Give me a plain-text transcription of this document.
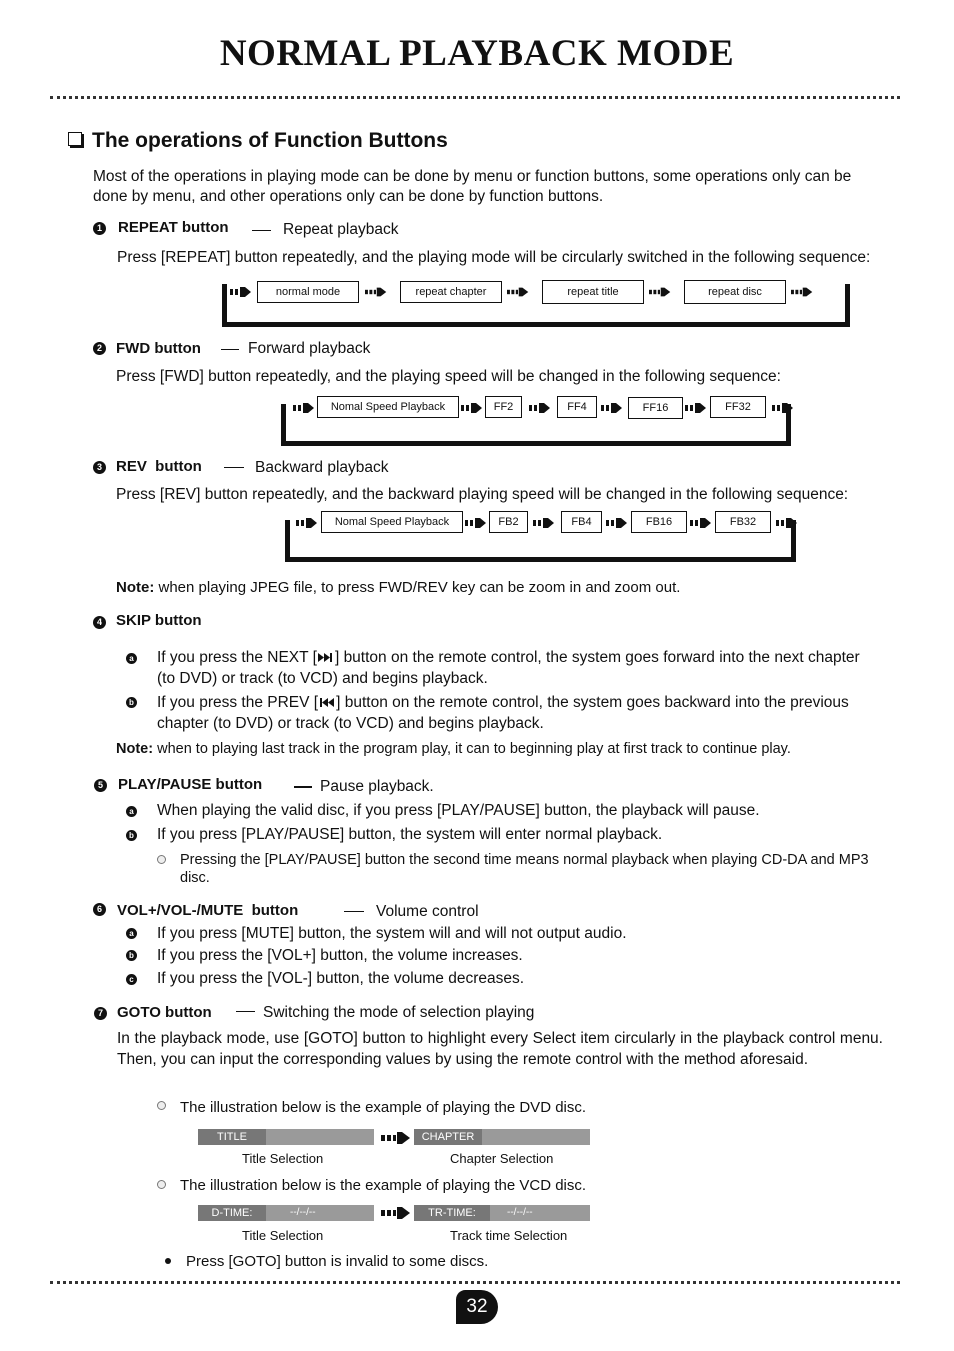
NORMAL PLAYBACK MODE
The operations of Function Buttons
Most of the operations in playing mode can be done by menu or function buttons, some operations only can be done by menu, and other operations only can be done by function buttons.
1 REPEAT button	Repeat playback
Press [REPEAT] button repeatedly, and the playing mode will be circularly switched in the following sequence:
normal mode	repeat chapter	repeat title	repeat disc
2 FWD button	Forward playback
Press [FWD] button repeatedly, and the playing speed will be changed in the following sequence:
Nomal Speed Playback	FF2	FF4	FF16	FF32
3 REV  button	Backward playback
Press [REV] button repeatedly, and the backward playing speed will be changed in the following sequence:
Nomal Speed Playback	FB2	FB4	FB16	FB32
Note: when playing JPEG file, to press FWD/REV key can be zoom in and zoom out.
4 SKIP button
a If you press the NEXT [ ] button on the remote control, the system goes forward into the next chapter (to DVD) or track (to VCD) and begins playback.
b If you press the PREV [ ] button on the remote control, the system goes backward into the previous chapter (to DVD) or track (to VCD) and begins playback.
Note: when to playing last track in the program play, it can to beginning play at first track to continue play.
5 PLAY/PAUSE button	Pause playback.
a When playing the valid disc, if you press [PLAY/PAUSE] button, the playback will pause.
b If you press [PLAY/PAUSE] button, the system will enter normal playback.
Pressing the [PLAY/PAUSE] button the second time means normal playback when playing CD-DA and MP3 disc.
6 VOL+/VOL-/MUTE  button	Volume control
a If you press [MUTE] button, the system will and will not output audio.
b If you press the [VOL+] button, the volume increases.
c If you press the [VOL-] button, the volume decreases.
7 GOTO button	Switching the mode of selection playing
In the playback mode, use [GOTO] button to highlight every Select item circularly in the playback control menu. Then, you can input the corresponding values by using the remote control with the method aforesaid.
The illustration below is the example of playing the DVD disc.
TITLE	CHAPTER
Title Selection	Chapter Selection
The illustration below is the example of playing the VCD disc.
D-TIME:	--/--/--	TR-TIME:	--/--/--
Title Selection	Track time Selection
Press [GOTO] button is invalid to some discs.
32
